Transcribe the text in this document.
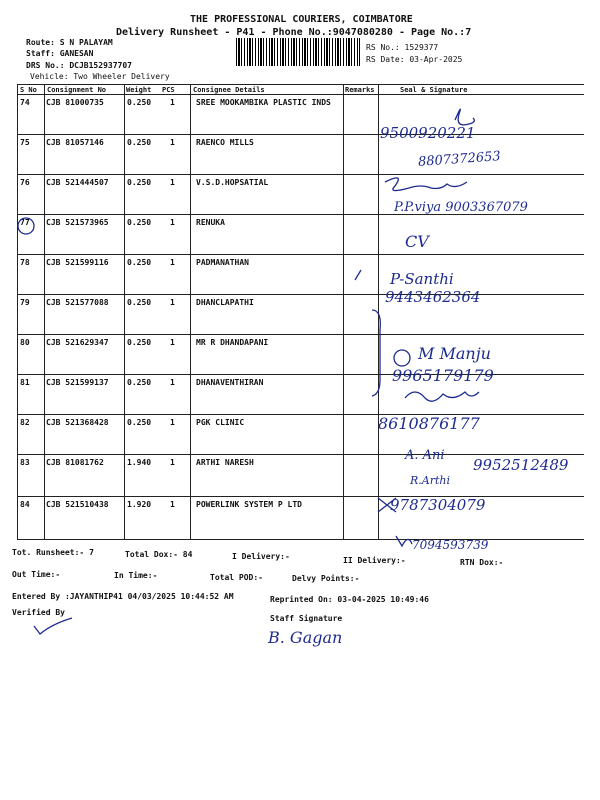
THE PROFESSIONAL COURIERS, COIMBATORE
Delivery Runsheet - P41 - Phone No.:9047080280 - Page No.:7
Route: S N PALAYAM
Staff: GANESAN
DRS No.: DCJB152937707
Vehicle: Two Wheeler Delivery
RS No.: 1529377
RS Date: 03-Apr-2025
S No Consignment No	Weight PCS	Consignee Details	Remarks	Seal & Signature
74 CJB 81000735	0.250 1	SREE MOOKAMBIKA PLASTIC INDS
75 CJB 81057146	0.250 1	RAENCO MILLS
76 CJB 521444507 0.250 1	V.S.D.HOPSATIAL
77 CJB 521573965 0.250 1	RENUKA
78 CJB 521599116 0.250 1	PADMANATHAN
79 CJB 521577088 0.250 1	DHANCLAPATHI
80 CJB 521629347 0.250 1	MR R DHANDAPANI
81 CJB 521599137 0.250 1	DHANAVENTHIRAN
82 CJB 521368428 0.250 1	PGK CLINIC
83 CJB 81081762	1.940 1	ARTHI NARESH
84 CJB 521510438 1.920 1	POWERLINK SYSTEM P LTD
9500920221
8807372653
P.P.viya 9003367079
CV
P-Santhi
9443462364
M Manju
9965179179
8610876177
A. Ani
9952512489
R.Arthi
9787304079
7094593739
Tot. Runsheet:- 7	Total Dox:- 84	I Delivery:-	II Delivery:-	RTN Dox:-
Out Time:-	In Time:-	Total POD:-	Delvy Points:-
Entered By :JAYANTHIP41 04/03/2025 10:44:52 AM	Reprinted On: 03-04-2025 10:49:46
Verified By
Staff Signature
B. Gagan
